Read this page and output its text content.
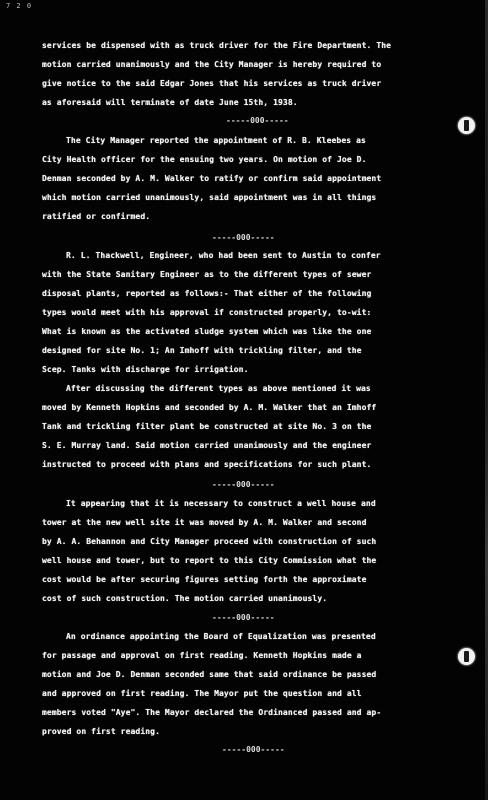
7 2 0
services be dispensed with as truck driver for the Fire Department. The
motion carried unanimously and the City Manager is hereby required to
give notice to the said Edgar Jones that his services as truck driver
as aforesaid will terminate of date June 15th, 1938.
-----000-----
The City Manager reported the appointment of R. B. Kleebes as
City Health officer for the ensuing two years. On motion of Joe D.
Denman seconded by A. M. Walker to ratify or confirm said appointment
which motion carried unanimously, said appointment was in all things
ratified or confirmed.
-----000-----
R. L. Thackwell, Engineer, who had been sent to Austin to confer
with the State Sanitary Engineer as to the different types of sewer
disposal plants, reported as follows:- That either of the following
types would meet with his approval if constructed properly, to-wit:
What is known as the activated sludge system which was like the one
designed for site No. 1; An Imhoff with trickling filter, and the
Scep. Tanks with discharge for irrigation.
After discussing the different types as above mentioned it was
moved by Kenneth Hopkins and seconded by A. M. Walker that an Imhoff
Tank and trickling filter plant be constructed at site No. 3 on the
S. E. Murray land. Said motion carried unanimously and the engineer
instructed to proceed with plans and specifications for such plant.
-----000-----
It appearing that it is necessary to construct a well house and
tower at the new well site it was moved by A. M. Walker and second
by A. A. Behannon and City Manager proceed with construction of such
well house and tower, but to report to this City Commission what the
cost would be after securing figures setting forth the approximate
cost of such construction. The motion carried unanimously.
-----000-----
An ordinance appointing the Board of Equalization was presented
for passage and approval on first reading. Kenneth Hopkins made a
motion and Joe D. Denman seconded same that said ordinance be passed
and approved on first reading. The Mayor put the question and all
members voted "Aye". The Mayor declared the Ordinanced passed and ap-
proved on first reading.
-----000-----
